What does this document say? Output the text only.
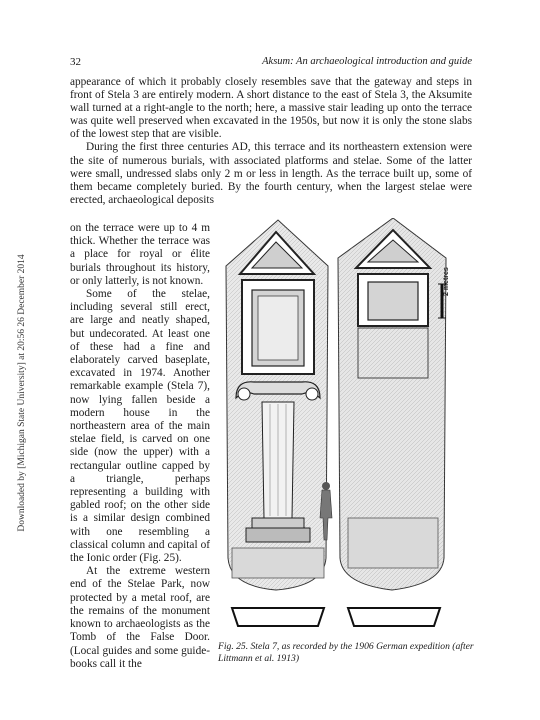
Downloaded by [Michigan State University] at 20:56 26 December 2014
32	Aksum: An archaeological introduction and guide

appearance of which it probably closely resembles save that the gateway and steps in front of Stela 3 are entirely modern. A short distance to the east of Stela 3, the Aksumite wall turned at a right-angle to the north; here, a massive stair leading up onto the terrace was quite well preserved when excavated in the 1950s, but now it is only the stone slabs of the lowest step that are visible.

During the first three centuries AD, this terrace and its northeastern extension were the site of numerous burials, with associated platforms and stelae. Some of the latter were small, undressed slabs only 2 m or less in length. As the terrace built up, some of them became completely buried. By the fourth century, when the largest stelae were erected, archaeological deposits

on the terrace were up to 4 m thick. Whether the terrace was a place for royal or élite burials throughout its history, or only latterly, is not known.

Some of the stelae, including several still erect, are large and neatly shaped, but undecorated. At least one of these had a fine and elaborately carved baseplate, excavated in 1974. Another remarkable example (Stela 7), now lying fallen beside a modern house in the northeastern area of the main stelae field, is carved on one side (now the upper) with a rectangular outline capped by a triangle, perhaps representing a building with gabled roof; on the other side is a similar design combined with one resembling a classical column and capital of the Ionic order (Fig. 25).

At the extreme western end of the Stelae Park, now protected by a metal roof, are the remains of the monument known to archaeologists as the Tomb of the False Door. (Local guides and some guide-books call it the

2 metres
Fig. 25. Stela 7, as recorded by the 1906 German expedition (after Littmann et al. 1913)
